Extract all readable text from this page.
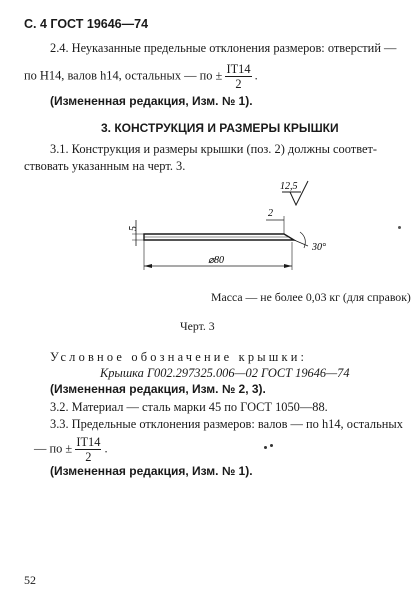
С. 4 ГОСТ 19646—74
2.4. Неуказанные предельные отклонения размеров: отверстий —
по Н14, валов h14, остальных — по ± $\frac{IT14}{2}$ .
(Измененная редакция, Изм. № 1).
3. КОНСТРУКЦИЯ И РАЗМЕРЫ КРЫШКИ
3.1. Конструкция и размеры крышки (поз. 2) должны соответ-
ствовать указанным на черт. 3.
12,5
2
5
30°
⌀80
Масса — не более 0,03 кг (для справок)
Черт. 3
Условное обозначение крышки:
Крышка Г002.297325.006—02 ГОСТ 19646—74
(Измененная редакция, Изм. № 2, 3).
3.2. Материал — сталь марки 45 по ГОСТ 1050—88.
3.3. Предельные отклонения размеров: валов — по h14, остальных
— по ± $\frac{IT14}{2}$ .
(Измененная редакция, Изм. № 1).
52
